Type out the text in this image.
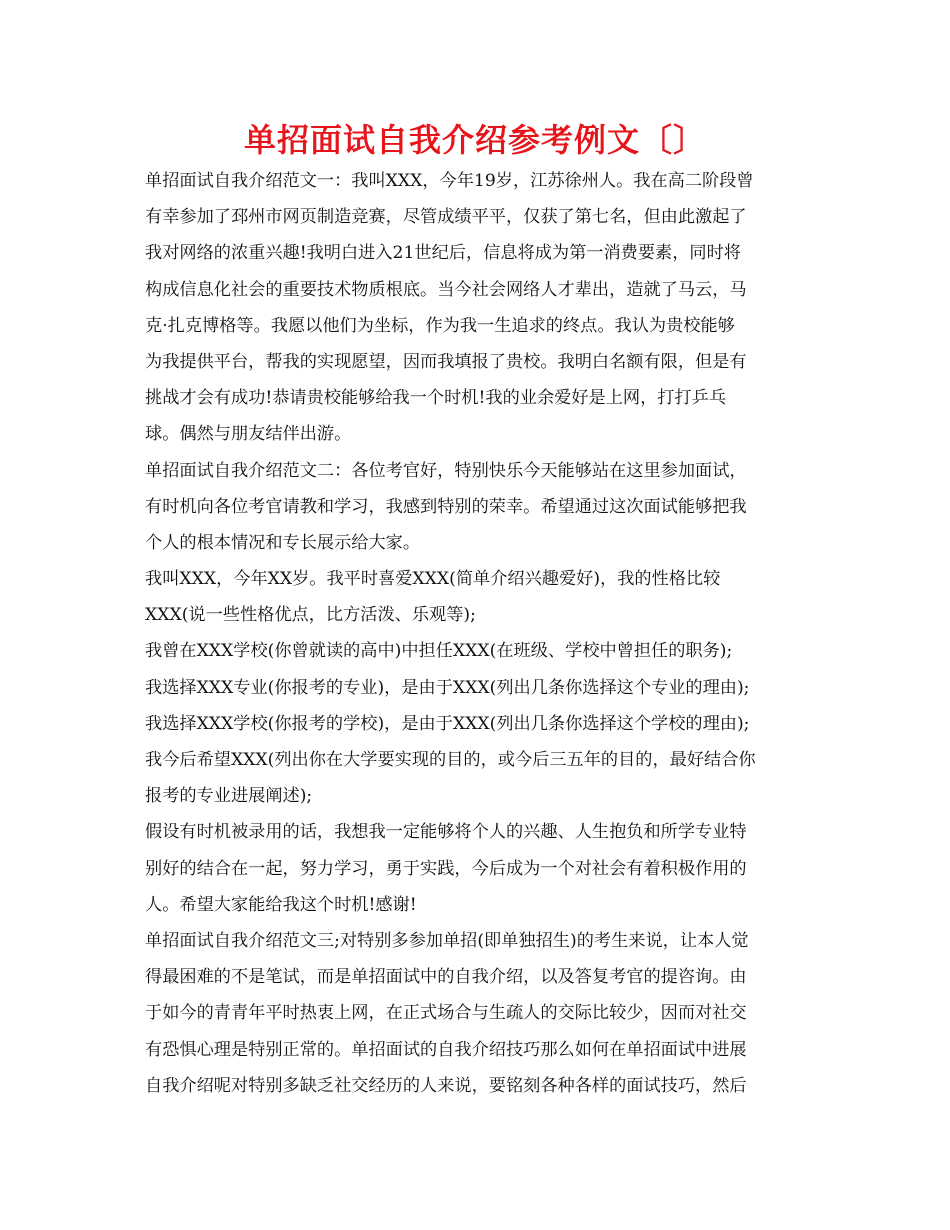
单招面试自我介绍参考例文〔〕
单招面试自我介绍范文一：我叫XXX，今年19岁，江苏徐州人。我在高二阶段曾
有幸参加了邳州市网页制造竞赛，尽管成绩平平，仅获了第七名，但由此激起了
我对网络的浓重兴趣!我明白进入21世纪后，信息将成为第一消费要素，同时将
构成信息化社会的重要技术物质根底。当今社会网络人才辈出，造就了马云，马
克·扎克博格等。我愿以他们为坐标，作为我一生追求的终点。我认为贵校能够
为我提供平台，帮我的实现愿望，因而我填报了贵校。我明白名额有限，但是有
挑战才会有成功!恭请贵校能够给我一个时机!我的业余爱好是上网，打打乒乓
球。偶然与朋友结伴出游。
单招面试自我介绍范文二：各位考官好，特别快乐今天能够站在这里参加面试，
有时机向各位考官请教和学习，我感到特别的荣幸。希望通过这次面试能够把我
个人的根本情况和专长展示给大家。
我叫XXX，今年XX岁。我平时喜爱XXX(简单介绍兴趣爱好)，我的性格比较
XXX(说一些性格优点，比方活泼、乐观等);
我曾在XXX学校(你曾就读的高中)中担任XXX(在班级、学校中曾担任的职务);
我选择XXX专业(你报考的专业)，是由于XXX(列出几条你选择这个专业的理由);
我选择XXX学校(你报考的学校)，是由于XXX(列出几条你选择这个学校的理由);
我今后希望XXX(列出你在大学要实现的目的，或今后三五年的目的，最好结合你
报考的专业进展阐述);
假设有时机被录用的话，我想我一定能够将个人的兴趣、人生抱负和所学专业特
别好的结合在一起，努力学习，勇于实践，今后成为一个对社会有着积极作用的
人。希望大家能给我这个时机!感谢!
单招面试自我介绍范文三;对特别多参加单招(即单独招生)的考生来说，让本人觉
得最困难的不是笔试，而是单招面试中的自我介绍，以及答复考官的提咨询。由
于如今的青青年平时热衷上网，在正式场合与生疏人的交际比较少，因而对社交
有恐惧心理是特别正常的。单招面试的自我介绍技巧那么如何在单招面试中进展
自我介绍呢对特别多缺乏社交经历的人来说，要铭刻各种各样的面试技巧，然后
